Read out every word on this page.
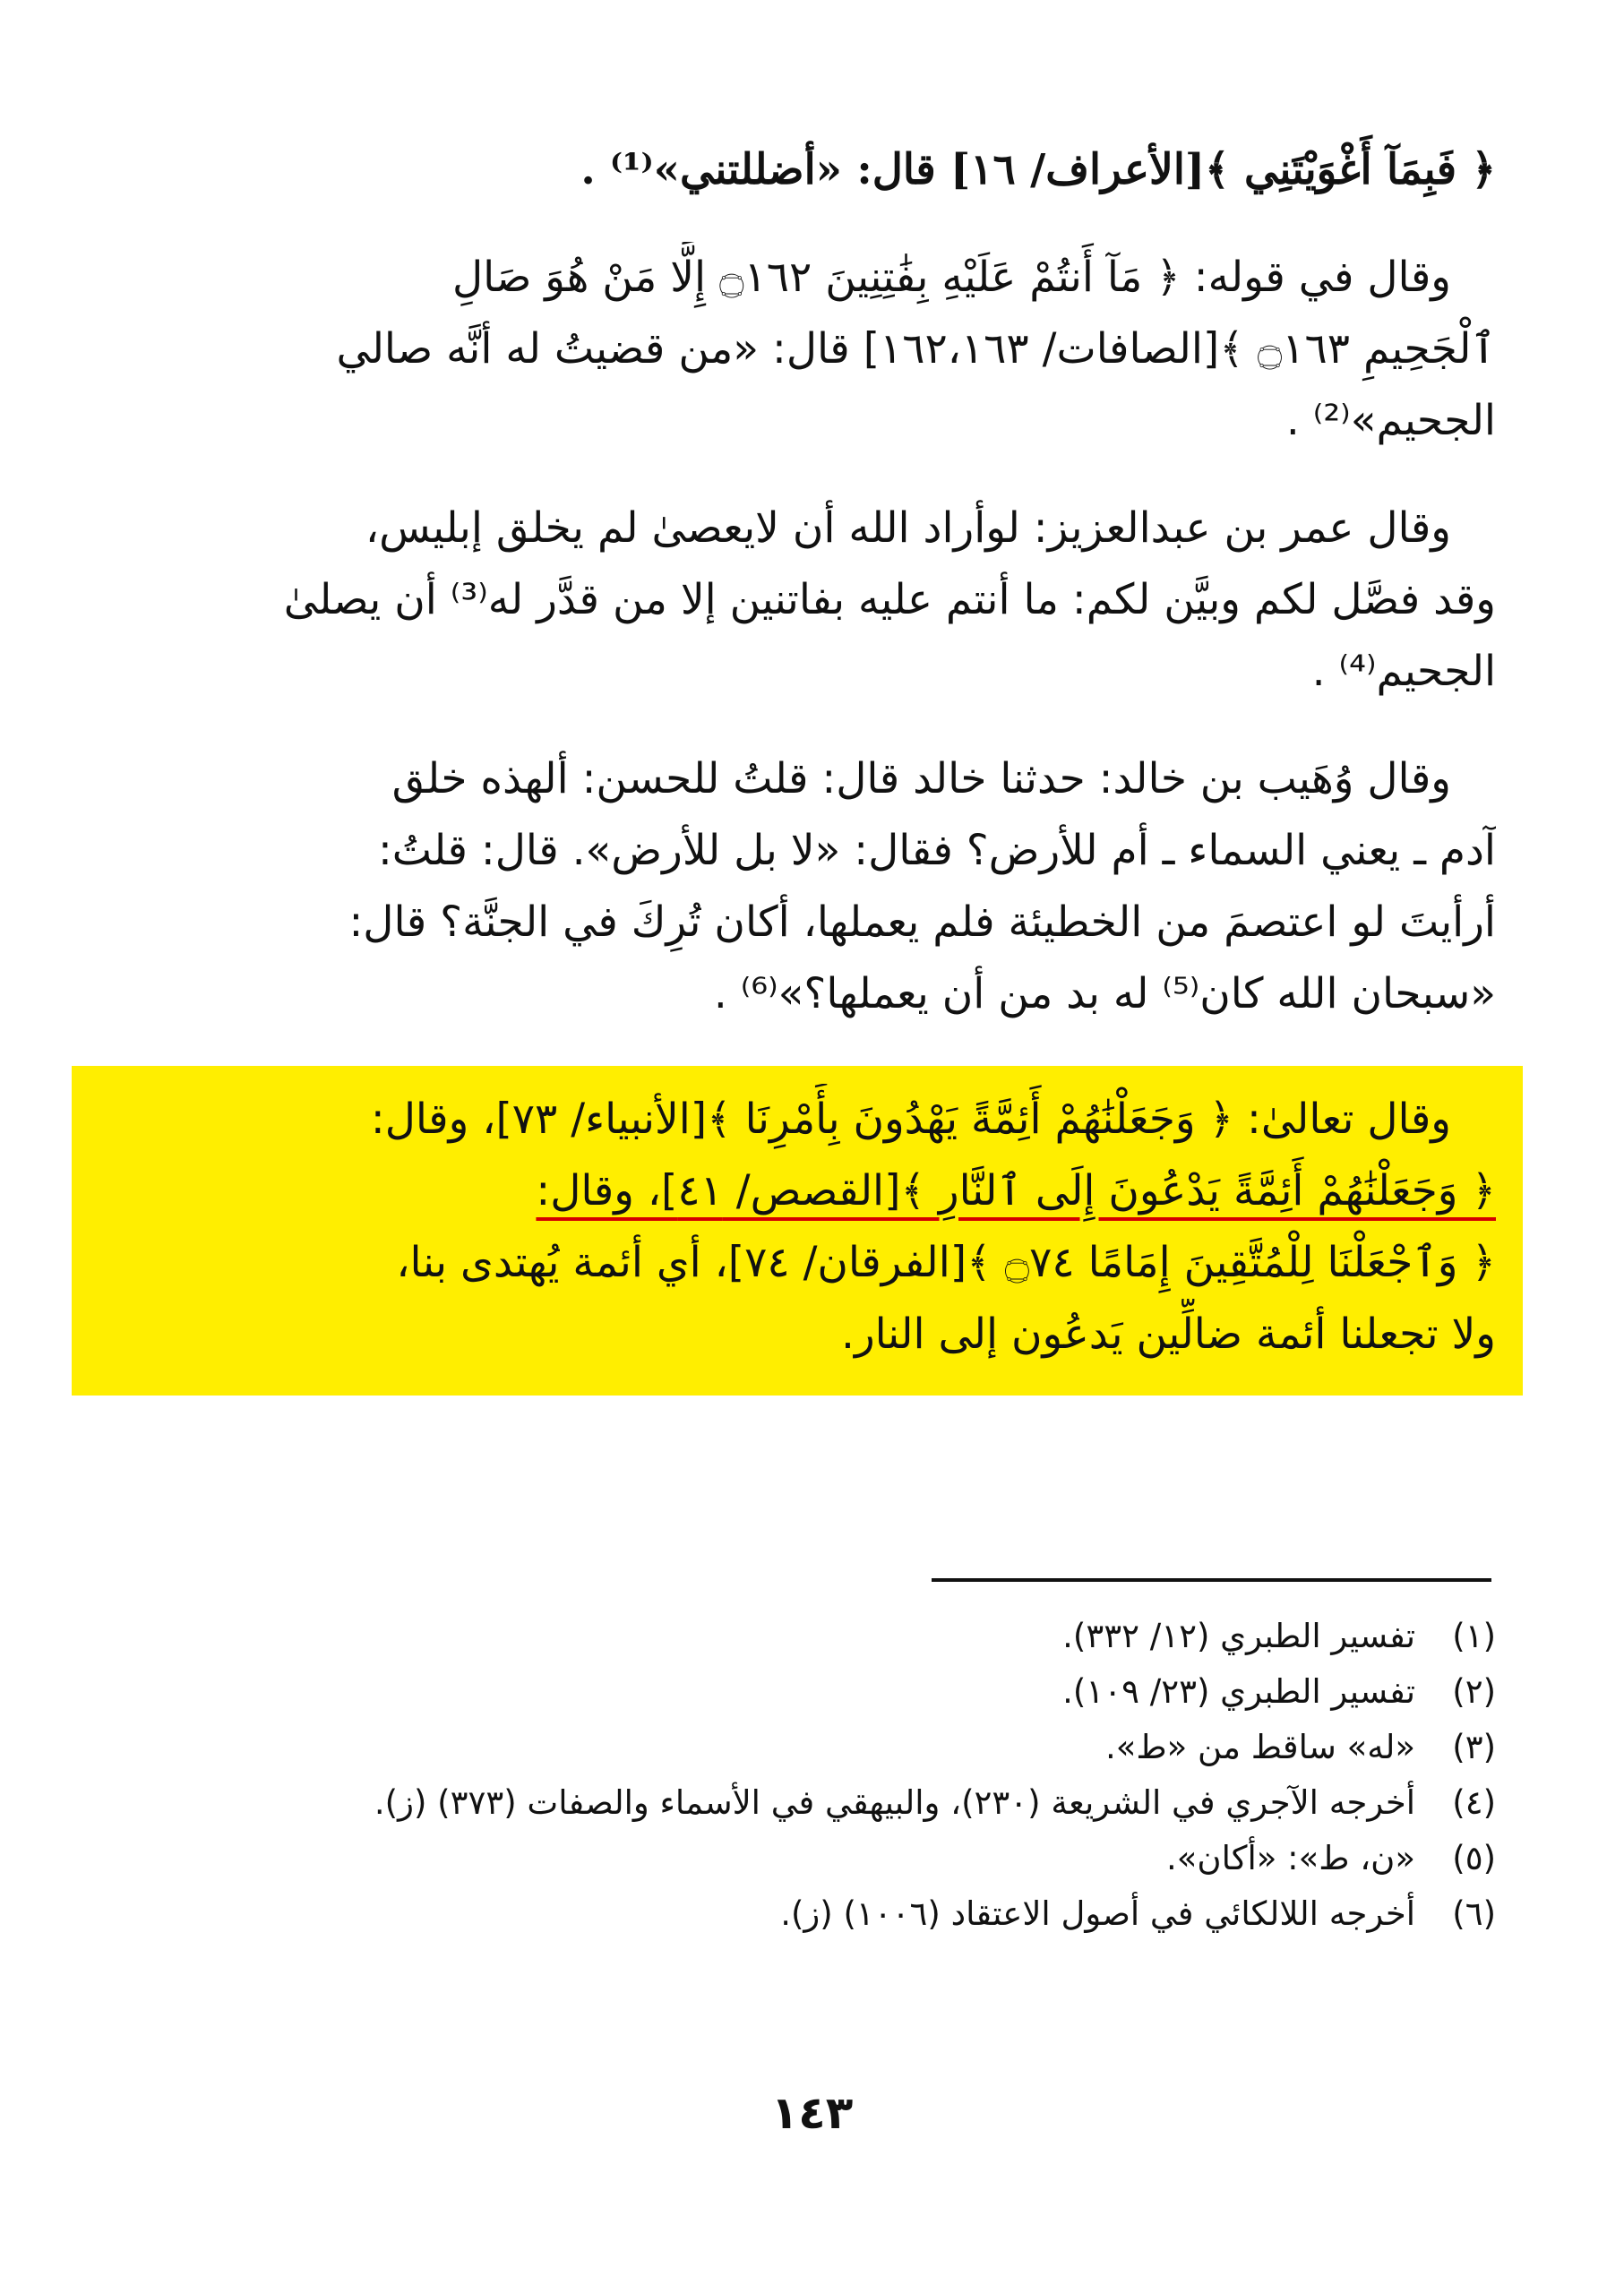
﴿ فَبِمَآ أَغْوَيْتَنِي ﴾[الأعراف/ ١٦] قال: «أضللتني»⁽¹⁾ .

وقال في قوله: ﴿ مَآ أَنتُمْ عَلَيْهِ بِفَٰتِنِينَ ۝١٦٢ إِلَّا مَنْ هُوَ صَالِ
ٱلْجَحِيمِ ۝١٦٣ ﴾[الصافات/ ١٦٢،١٦٣] قال: «من قضيتُ له أنَّه صالي
الجحيم»⁽²⁾ .

وقال عمر بن عبدالعزيز: لوأراد الله أن لايعصىٰ لم يخلق إبليس،
وقد فصَّل لكم وبيَّن لكم: ما أنتم عليه بفاتنين إلا من قدَّر له⁽³⁾ أن يصلىٰ
الجحيم⁽⁴⁾ .

وقال وُهَيب بن خالد: حدثنا خالد قال: قلتُ للحسن: ألهذه خلق
آدم ـ يعني السماء ـ أم للأرض؟ فقال: «لا بل للأرض». قال: قلتُ:
أرأيتَ لو اعتصمَ من الخطيئة فلم يعملها، أكان تُرِكَ في الجنَّة؟ قال:
«سبحان الله كان⁽⁵⁾ له بد من أن يعملها؟»⁽⁶⁾ .

وقال تعالىٰ: ﴿ وَجَعَلْنَٰهُمْ أَئِمَّةً يَهْدُونَ بِأَمْرِنَا ﴾[الأنبياء/ ٧٣]، وقال:
﴿ وَجَعَلْنَٰهُمْ أَئِمَّةً يَدْعُونَ إِلَى ٱلنَّارِ ﴾[القصص/ ٤١]، وقال:
﴿ وَٱجْعَلْنَا لِلْمُتَّقِينَ إِمَامًا ۝٧٤ ﴾[الفرقان/ ٧٤]، أي أئمة يُهتدى بنا،
ولا تجعلنا أئمة ضالِّين يَدعُون إلى النار.

(١)
تفسير الطبري (١٢/ ٣٣٢).
(٢)
تفسير الطبري (٢٣/ ١٠٩).
(٣)
«له» ساقط من «ط».
(٤)
أخرجه الآجري في الشريعة (٢٣٠)، والبيهقي في الأسماء والصفات (٣٧٣) (ز).
(٥)
«ن، ط»: «أكان».
(٦)
أخرجه اللالكائي في أصول الاعتقاد (١٠٠٦) (ز).
١٤٣
